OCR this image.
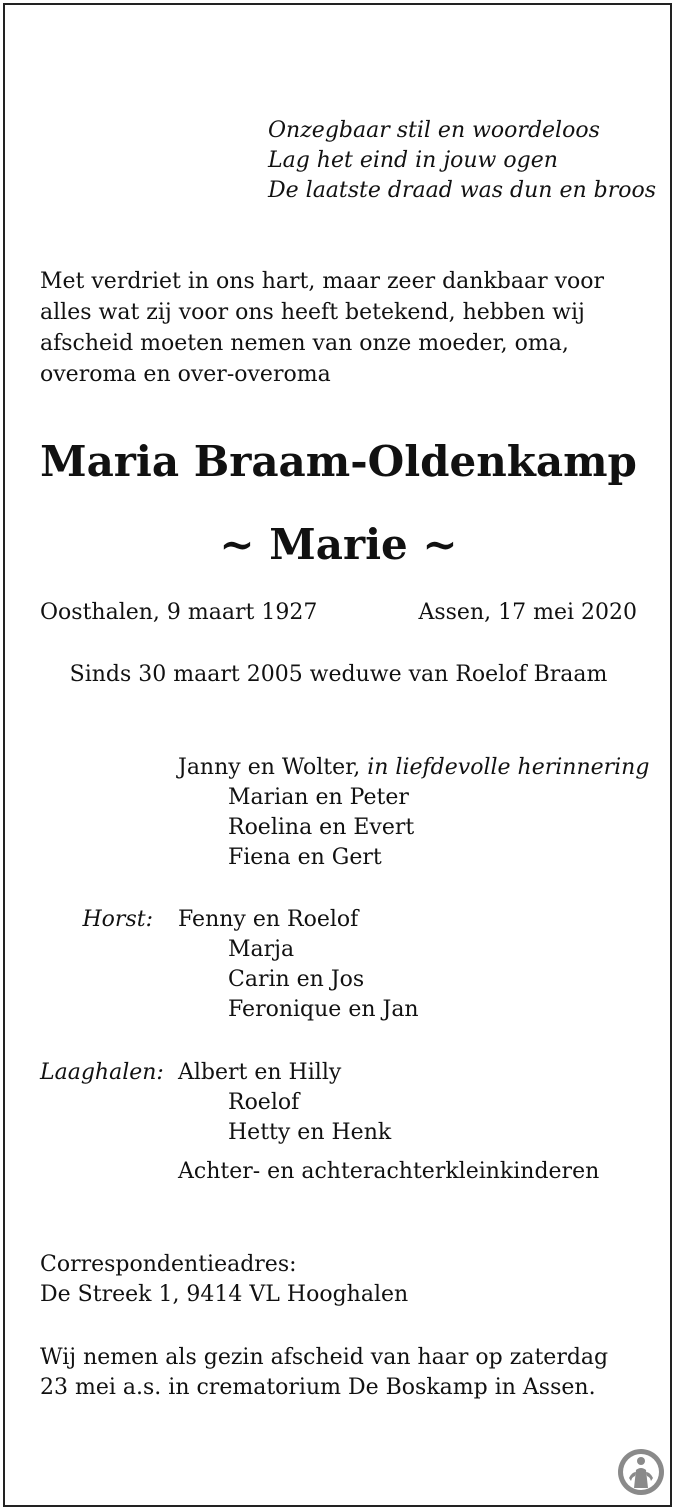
Onzegbaar stil en woordeloos
Lag het eind in jouw ogen
De laatste draad was dun en broos
Met verdriet in ons hart, maar zeer dankbaar voor
alles wat zij voor ons heeft betekend, hebben wij
afscheid moeten nemen van onze moeder, oma,
overoma en over-overoma
Maria Braam-Oldenkamp
~ Marie ~
Oosthalen, 9 maart 1927	Assen, 17 mei 2020
Sinds 30 maart 2005 weduwe van Roelof Braam
Janny en Wolter, in liefdevolle herinnering
Marian en Peter
Roelina en Evert
Fiena en Gert
Horst: Fenny en Roelof
Marja
Carin en Jos
Feronique en Jan
Laaghalen: Albert en Hilly
Roelof
Hetty en Henk
Achter- en achterachterkleinkinderen
Correspondentieadres:
De Streek 1, 9414 VL Hooghalen
Wij nemen als gezin afscheid van haar op zaterdag
23 mei a.s. in crematorium De Boskamp in Assen.
